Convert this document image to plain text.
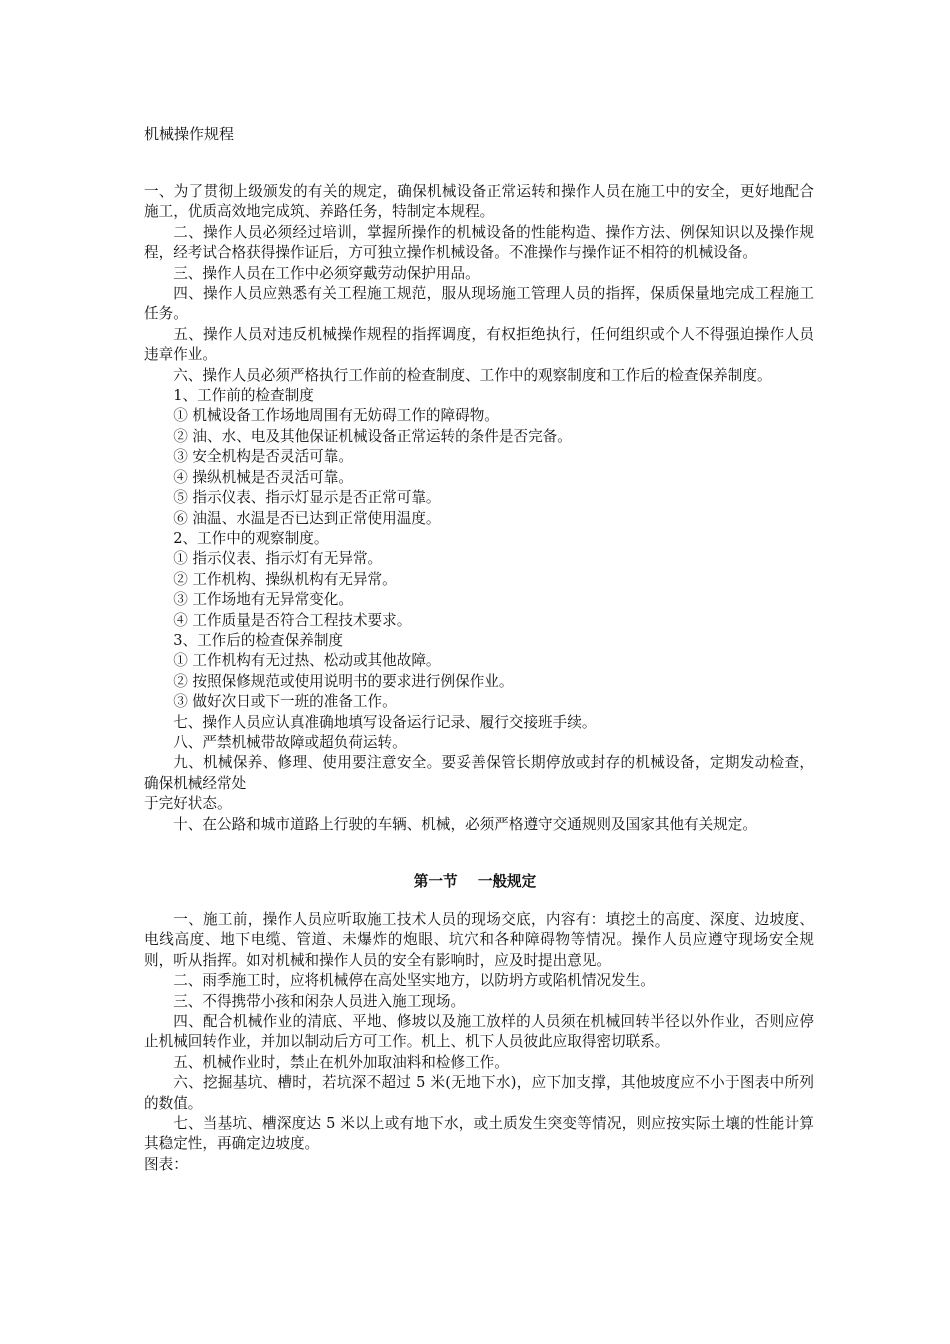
机械操作规程

一、为了贯彻上级颁发的有关的规定，确保机械设备正常运转和操作人员在施工中的安全，更好地配合施工，优质高效地完成筑、养路任务，特制定本规程。

二、操作人员必须经过培训，掌握所操作的机械设备的性能构造、操作方法、例保知识以及操作规程，经考试合格获得操作证后，方可独立操作机械设备。不准操作与操作证不相符的机械设备。

三、操作人员在工作中必须穿戴劳动保护用品。

四、操作人员应熟悉有关工程施工规范，服从现场施工管理人员的指挥，保质保量地完成工程施工任务。

五、操作人员对违反机械操作规程的指挥调度，有权拒绝执行，任何组织或个人不得强迫操作人员违章作业。

六、操作人员必须严格执行工作前的检查制度、工作中的观察制度和工作后的检查保养制度。

1、工作前的检查制度

① 机械设备工作场地周围有无妨碍工作的障碍物。

② 油、水、电及其他保证机械设备正常运转的条件是否完备。

③ 安全机构是否灵活可靠。

④ 操纵机械是否灵活可靠。

⑤ 指示仪表、指示灯显示是否正常可靠。

⑥ 油温、水温是否已达到正常使用温度。

2、工作中的观察制度。

① 指示仪表、指示灯有无异常。

② 工作机构、操纵机构有无异常。

③ 工作场地有无异常变化。

④ 工作质量是否符合工程技术要求。

3、工作后的检查保养制度

① 工作机构有无过热、松动或其他故障。

② 按照保修规范或使用说明书的要求进行例保作业。

③ 做好次日或下一班的准备工作。

七、操作人员应认真准确地填写设备运行记录、履行交接班手续。

八、严禁机械带故障或超负荷运转。

九、机械保养、修理、使用要注意安全。要妥善保管长期停放或封存的机械设备，定期发动检查，确保机械经常处

于完好状态。

十、在公路和城市道路上行驶的车辆、机械，必须严格遵守交通规则及国家其他有关规定。

第一节    一般规定

一、施工前，操作人员应听取施工技术人员的现场交底，内容有：填挖土的高度、深度、边坡度、电线高度、地下电缆、管道、未爆炸的炮眼、坑穴和各种障碍物等情况。操作人员应遵守现场安全规则，听从指挥。如对机械和操作人员的安全有影响时，应及时提出意见。

二、雨季施工时，应将机械停在高处坚实地方，以防坍方或陷机情况发生。

三、不得携带小孩和闲杂人员进入施工现场。

四、配合机械作业的清底、平地、修坡以及施工放样的人员须在机械回转半径以外作业，否则应停止机械回转作业，并加以制动后方可工作。机上、机下人员彼此应取得密切联系。

五、机械作业时，禁止在机外加取油料和检修工作。

六、挖掘基坑、槽时，若坑深不超过 5 米(无地下水)，应下加支撑，其他坡度应不小于图表中所列的数值。

七、当基坑、槽深度达 5 米以上或有地下水，或土质发生突变等情况，则应按实际土壤的性能计算其稳定性，再确定边坡度。

图表：
